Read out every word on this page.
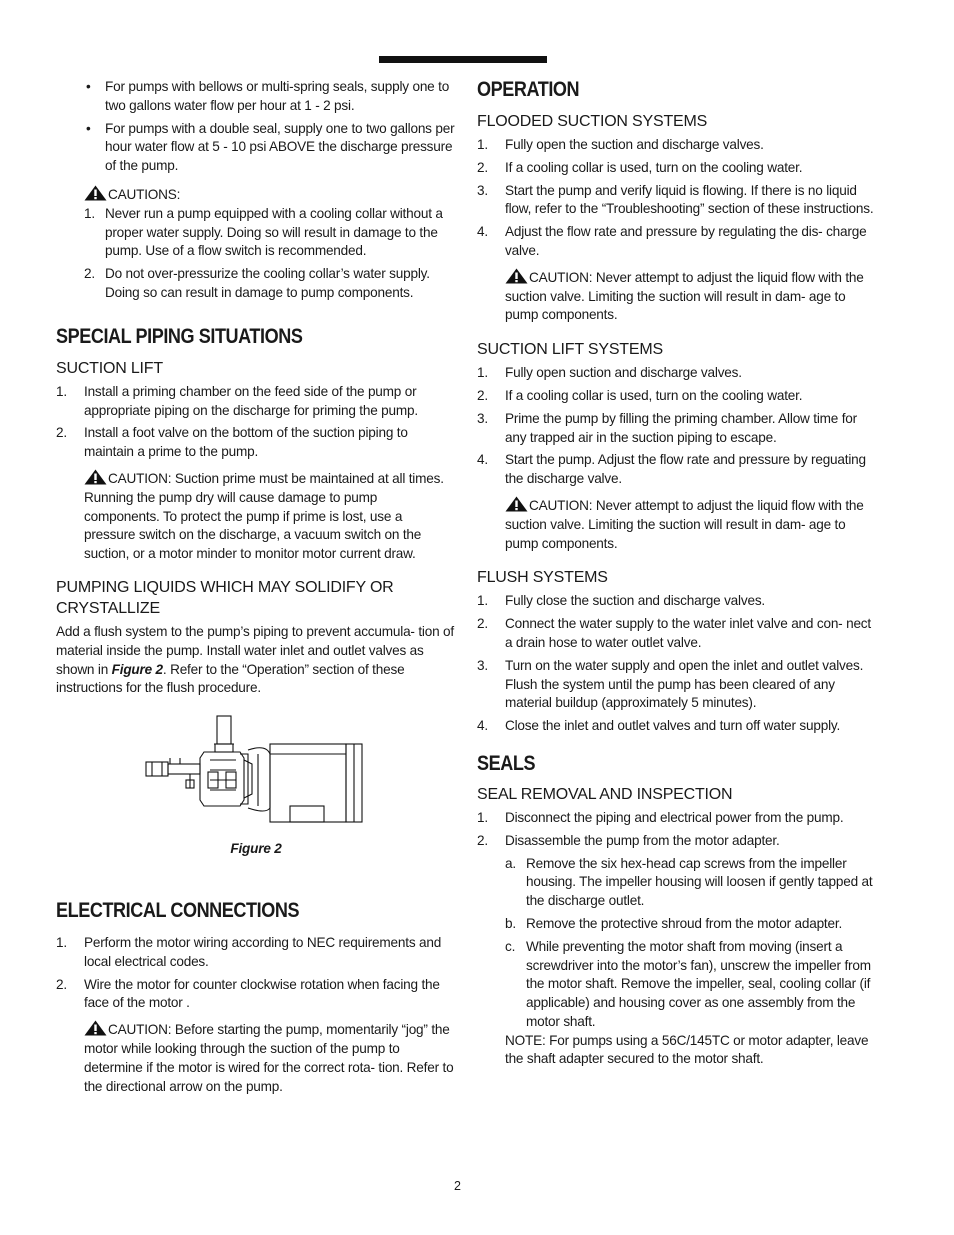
• For pumps with bellows or multi-spring seals, supply one to two gallons water flow per hour at 1 - 2 psi.
• For pumps with a double seal, supply one to two gallons per hour water flow at 5 - 10 psi ABOVE the discharge pressure of the pump.
CAUTIONS:
1. Never run a pump equipped with a cooling collar without a proper water supply. Doing so will result in damage to the pump. Use of a flow switch is recommended.
2. Do not over-pressurize the cooling collar’s water supply. Doing so can result in damage to pump components.
SPECIAL PIPING SITUATIONS
SUCTION LIFT
1. Install a priming chamber on the feed side of the pump or appropriate piping on the discharge for priming the pump.
2. Install a foot valve on the bottom of the suction piping to maintain a prime to the pump.
CAUTION: Suction prime must be maintained at all times. Running the pump dry will cause damage to pump components. To protect the pump if prime is lost, use a pressure switch on the discharge, a vacuum switch on the suction, or a motor minder to monitor motor current draw.
PUMPING LIQUIDS WHICH MAY SOLIDIFY OR CRYSTALLIZE

Add a flush system to the pump’s piping to prevent accumula- tion of material inside the pump. Install water inlet and outlet valves as shown in Figure 2. Refer to the “Operation” section of these instructions for the flush procedure.

Figure 2
ELECTRICAL CONNECTIONS
1. Perform the motor wiring according to NEC requirements and local electrical codes.
2. Wire the motor for counter clockwise rotation when facing the face of the motor .
CAUTION: Before starting the pump, momentarily “jog” the motor while looking through the suction of the pump to determine if the motor is wired for the correct rota- tion. Refer to the directional arrow on the pump.
OPERATION
FLOODED SUCTION SYSTEMS
1. Fully open the suction and discharge valves.
2. If a cooling collar is used, turn on the cooling water.
3. Start the pump and verify liquid is flowing. If there is no liquid flow, refer to the “Troubleshooting” section of these instructions.
4. Adjust the flow rate and pressure by regulating the dis- charge valve.
CAUTION: Never attempt to adjust the liquid flow with the suction valve. Limiting the suction will result in dam- age to pump components.
SUCTION LIFT SYSTEMS
1. Fully open suction and discharge valves.
2. If a cooling collar is used, turn on the cooling water.
3. Prime the pump by filling the priming chamber. Allow time for any trapped air in the suction piping to escape.
4. Start the pump. Adjust the flow rate and pressure by reguating the discharge valve.
CAUTION: Never attempt to adjust the liquid flow with the suction valve. Limiting the suction will result in dam- age to pump components.
FLUSH SYSTEMS
1. Fully close the suction and discharge valves.
2. Connect the water supply to the water inlet valve and con- nect a drain hose to water outlet valve.
3. Turn on the water supply and open the inlet and outlet valves. Flush the system until the pump has been cleared of any material buildup (approximately 5 minutes).
4. Close the inlet and outlet valves and turn off water supply.
SEALS
SEAL REMOVAL AND INSPECTION
1. Disconnect the piping and electrical power from the pump.
2. Disassemble the pump from the motor adapter.
a. Remove the six hex-head cap screws from the impeller housing. The impeller housing will loosen if gently tapped at the discharge outlet.
b. Remove the protective shroud from the motor adapter.
c. While preventing the motor shaft from moving (insert a screwdriver into the motor’s fan), unscrew the impeller from the motor shaft. Remove the impeller, seal, cooling collar (if applicable) and housing cover as one assembly from the motor shaft.
NOTE: For pumps using a 56C/145TC or motor adapter, leave the shaft adapter secured to the motor shaft.
2
